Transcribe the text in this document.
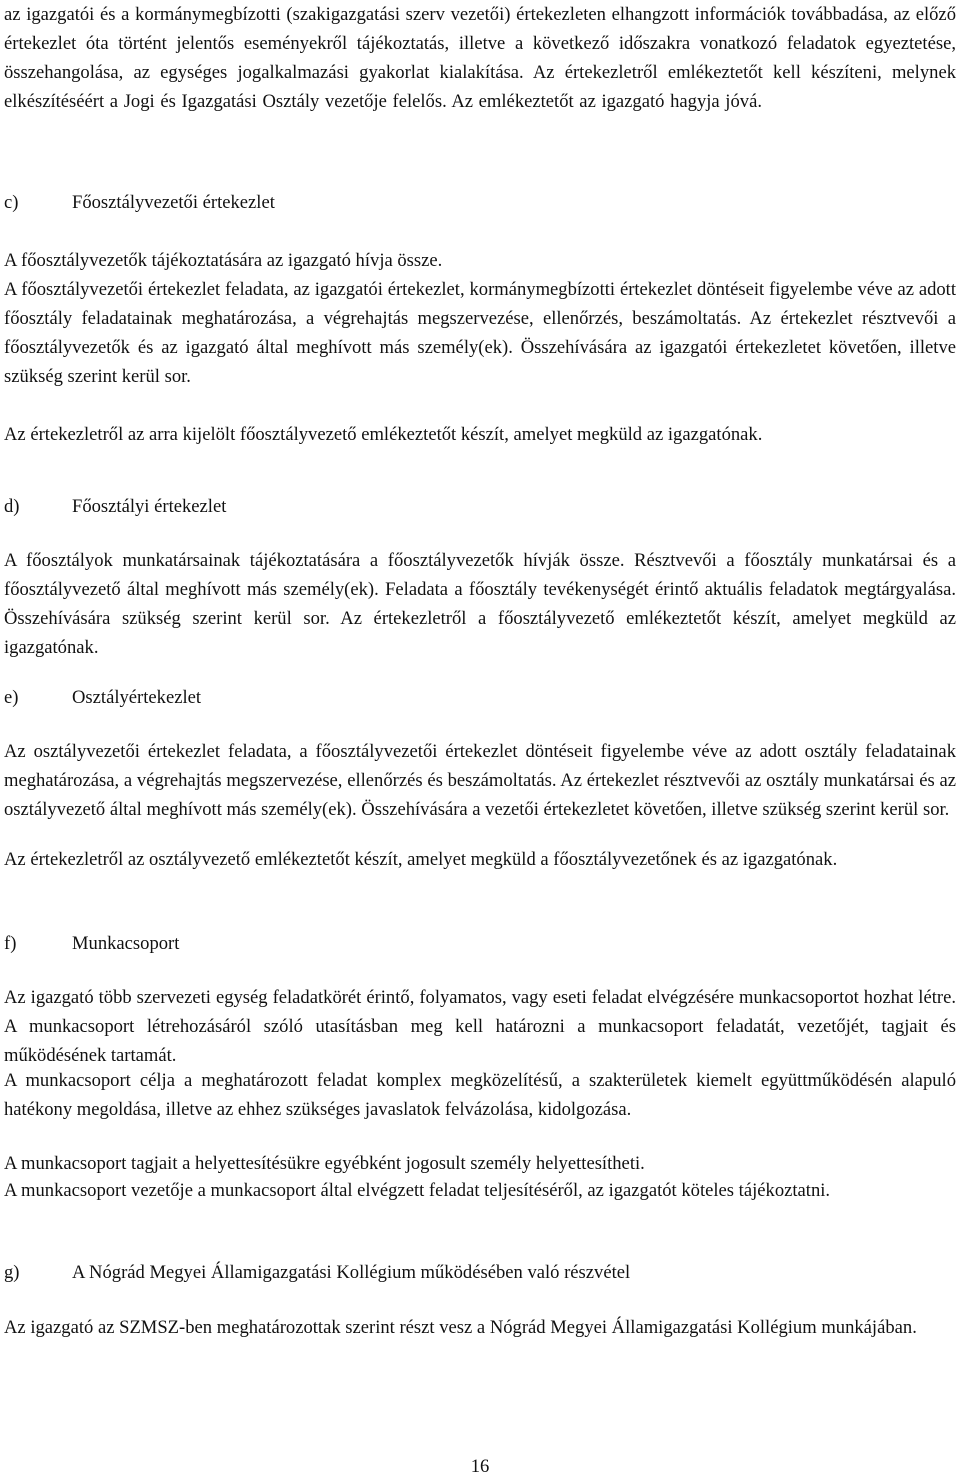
az igazgatói és a kormánymegbízotti (szakigazgatási szerv vezetői) értekezleten elhangzott információk továbbadása, az előző értekezlet óta történt jelentős eseményekről tájékoztatás, illetve a következő időszakra vonatkozó feladatok egyeztetése, összehangolása, az egységes jogalkalmazási gyakorlat kialakítása. Az értekezletről emlékeztetőt kell készíteni, melynek elkészítéséért a Jogi és Igazgatási Osztály vezetője felelős. Az emlékeztetőt az igazgató hagyja jóvá.

c)	Főosztályvezetői értekezlet

A főosztályvezetők tájékoztatására az igazgató hívja össze.

A főosztályvezetői értekezlet feladata, az igazgatói értekezlet, kormánymegbízotti értekezlet döntéseit figyelembe véve az adott főosztály feladatainak meghatározása, a végrehajtás megszervezése, ellenőrzés, beszámoltatás. Az értekezlet résztvevői a főosztályvezetők és az igazgató által meghívott más személy(ek). Összehívására az igazgatói értekezletet követően, illetve szükség szerint kerül sor.

Az értekezletről az arra kijelölt főosztályvezető emlékeztetőt készít, amelyet megküld az igazgatónak.

d)	Főosztályi értekezlet

A főosztályok munkatársainak tájékoztatására a főosztályvezetők hívják össze. Résztvevői a főosztály munkatársai és a főosztályvezető által meghívott más személy(ek). Feladata a főosztály tevékenységét érintő aktuális feladatok megtárgyalása. Összehívására szükség szerint kerül sor. Az értekezletről a főosztályvezető emlékeztetőt készít, amelyet megküld az igazgatónak.

e)	Osztályértekezlet

Az osztályvezetői értekezlet feladata, a főosztályvezetői értekezlet döntéseit figyelembe véve az adott osztály feladatainak meghatározása, a végrehajtás megszervezése, ellenőrzés és beszámoltatás. Az értekezlet résztvevői az osztály munkatársai és az osztályvezető által meghívott más személy(ek). Összehívására a vezetői értekezletet követően, illetve szükség szerint kerül sor.

Az értekezletről az osztályvezető emlékeztetőt készít, amelyet megküld a főosztályvezetőnek és az igazgatónak.

f)	Munkacsoport

Az igazgató több szervezeti egység feladatkörét érintő, folyamatos, vagy eseti feladat elvégzésére munkacsoportot hozhat létre. A munkacsoport létrehozásáról szóló utasításban meg kell határozni a munkacsoport feladatát, vezetőjét, tagjait és működésének tartamát.

A munkacsoport célja a meghatározott feladat komplex megközelítésű, a szakterületek kiemelt együttműködésén alapuló hatékony megoldása, illetve az ehhez szükséges javaslatok felvázolása, kidolgozása.

A munkacsoport tagjait a helyettesítésükre egyébként jogosult személy helyettesítheti.

A munkacsoport vezetője a munkacsoport által elvégzett feladat teljesítéséről, az igazgatót köteles tájékoztatni.

g)	A Nógrád Megyei Államigazgatási Kollégium működésében való részvétel

Az igazgató az SZMSZ-ben meghatározottak szerint részt vesz a Nógrád Megyei Államigazgatási Kollégium munkájában.

16
